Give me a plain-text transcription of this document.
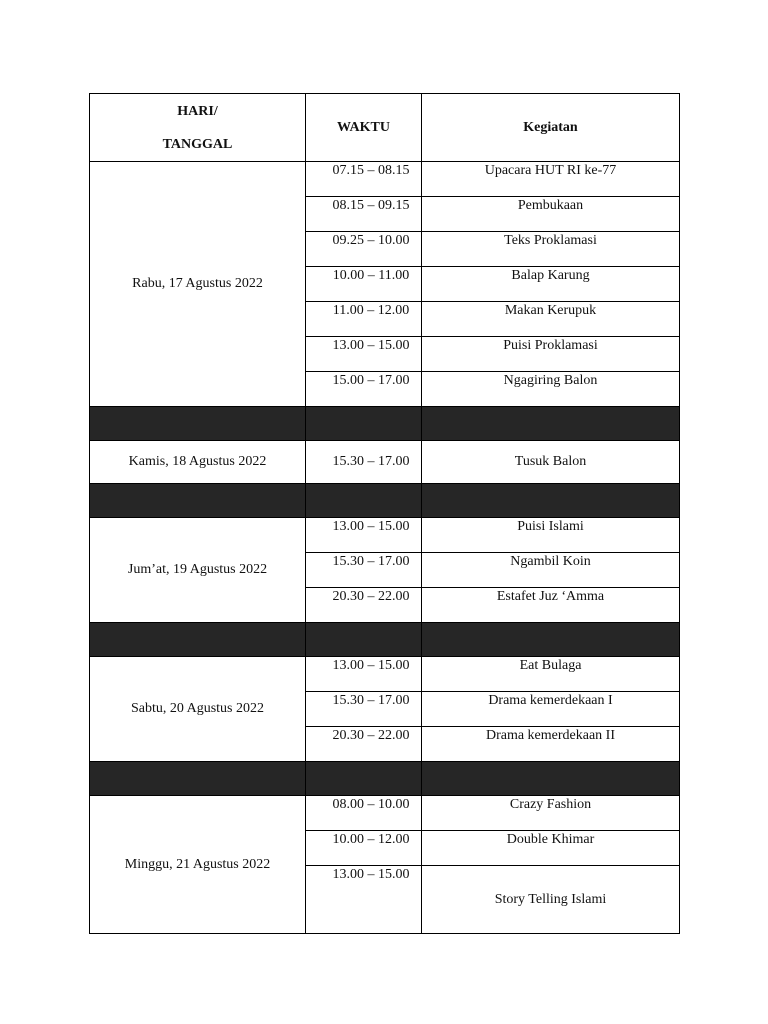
HARI/
TANGGAL	WAKTU	Kegiatan
Rabu, 17 Agustus 2022	07.15 – 08.15	Upacara HUT RI ke-77
	08.15 – 09.15	Pembukaan
	09.25 – 10.00	Teks Proklamasi
	10.00 – 11.00	Balap Karung
	11.00 – 12.00	Makan Kerupuk
	13.00 – 15.00	Puisi Proklamasi
	15.00 – 17.00	Ngagiring Balon

Kamis, 18 Agustus 2022	15.30 – 17.00	Tusuk Balon

Jum’at, 19 Agustus 2022	13.00 – 15.00	Puisi Islami
	15.30 – 17.00	Ngambil Koin
	20.30 – 22.00	Estafet Juz ‘Amma

Sabtu, 20 Agustus 2022	13.00 – 15.00	Eat Bulaga
	15.30 – 17.00	Drama kemerdekaan I
	20.30 – 22.00	Drama kemerdekaan II

Minggu, 21 Agustus 2022	08.00 – 10.00	Crazy Fashion
	10.00 – 12.00	Double Khimar
	13.00 – 15.00	Story Telling Islami
